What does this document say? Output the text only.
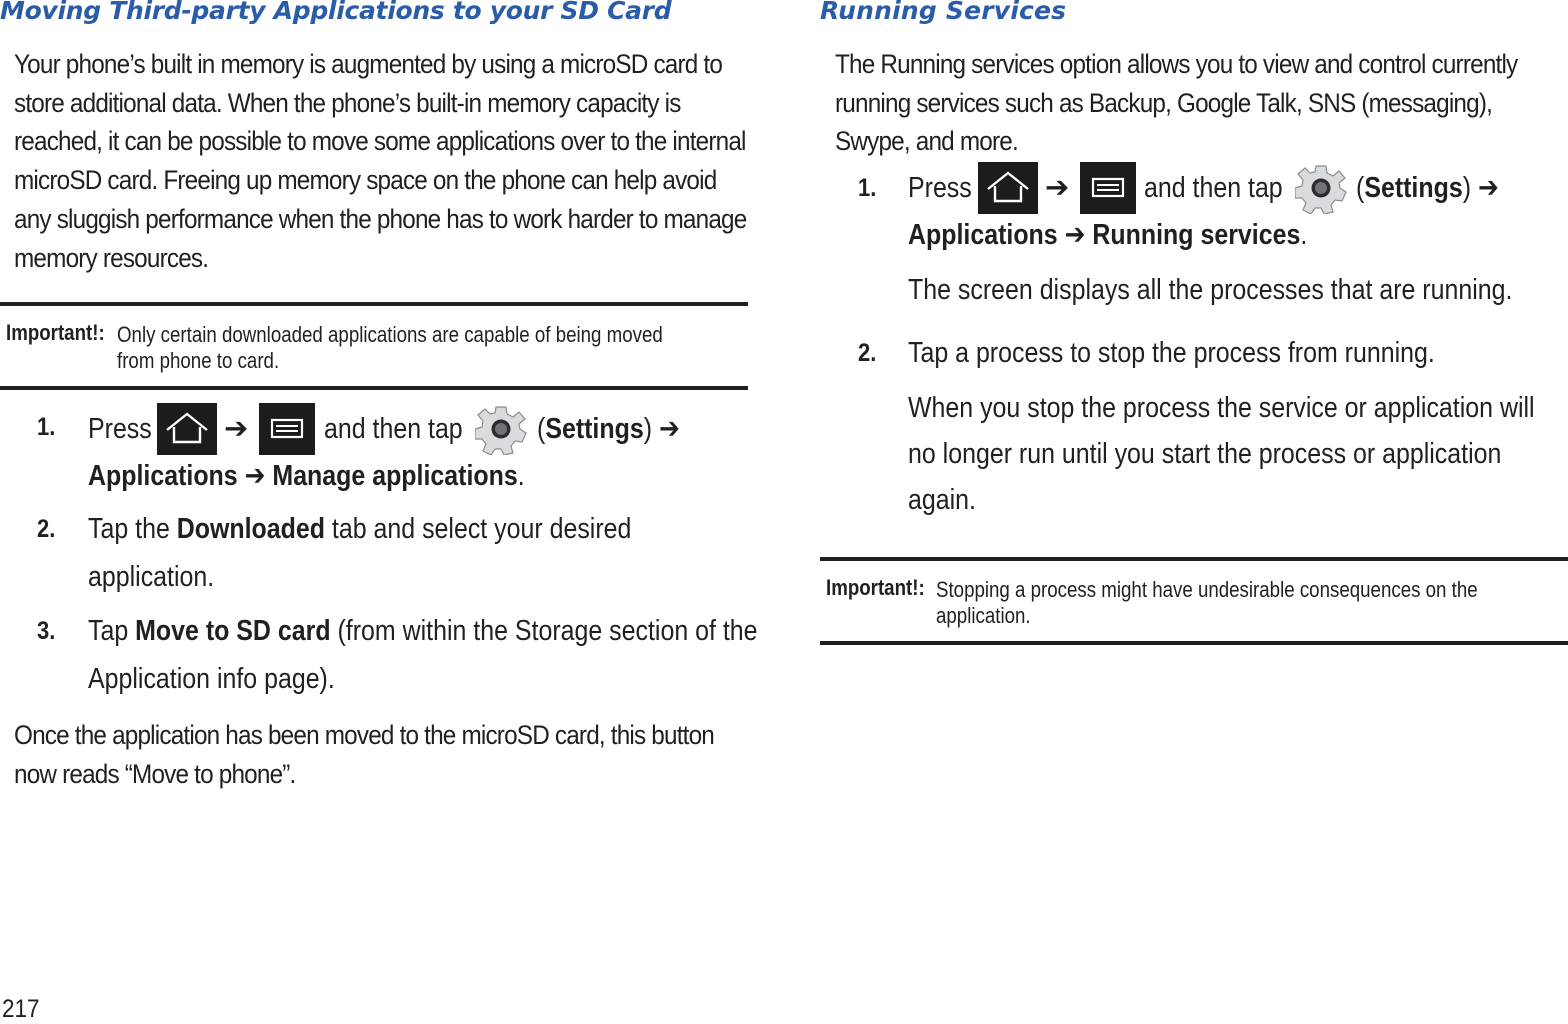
Moving Third-party Applications to your SD Card

Your phone’s built in memory is augmented by using a microSD card to store additional data. When the phone’s built-in memory capacity is reached, it can be possible to move some applications over to the internal microSD card. Freeing up memory space on the phone can help avoid any sluggish performance when the phone has to work harder to manage memory resources.

Important!: Only certain downloaded applications are capable of being moved from phone to card.
1. Press	➔	and then tap	(Settings) ➔
Applications ➔ Manage applications.
2. Tap the Downloaded tab and select your desired
application.
3. Tap Move to SD card (from within the Storage section of the
Application info page).

Once the application has been moved to the microSD card, this button now reads “Move to phone”.

Running Services

The Running services option allows you to view and control currently running services such as Backup, Google Talk, SNS (messaging), Swype, and more.

1. Press	➔	and then tap	(Settings) ➔
Applications ➔ Running services.
The screen displays all the processes that are running.
2. Tap a process to stop the process from running.
When you stop the process the service or application will
no longer run until you start the process or application
again.
Important!: Stopping a process might have undesirable consequences on the
application.

217
